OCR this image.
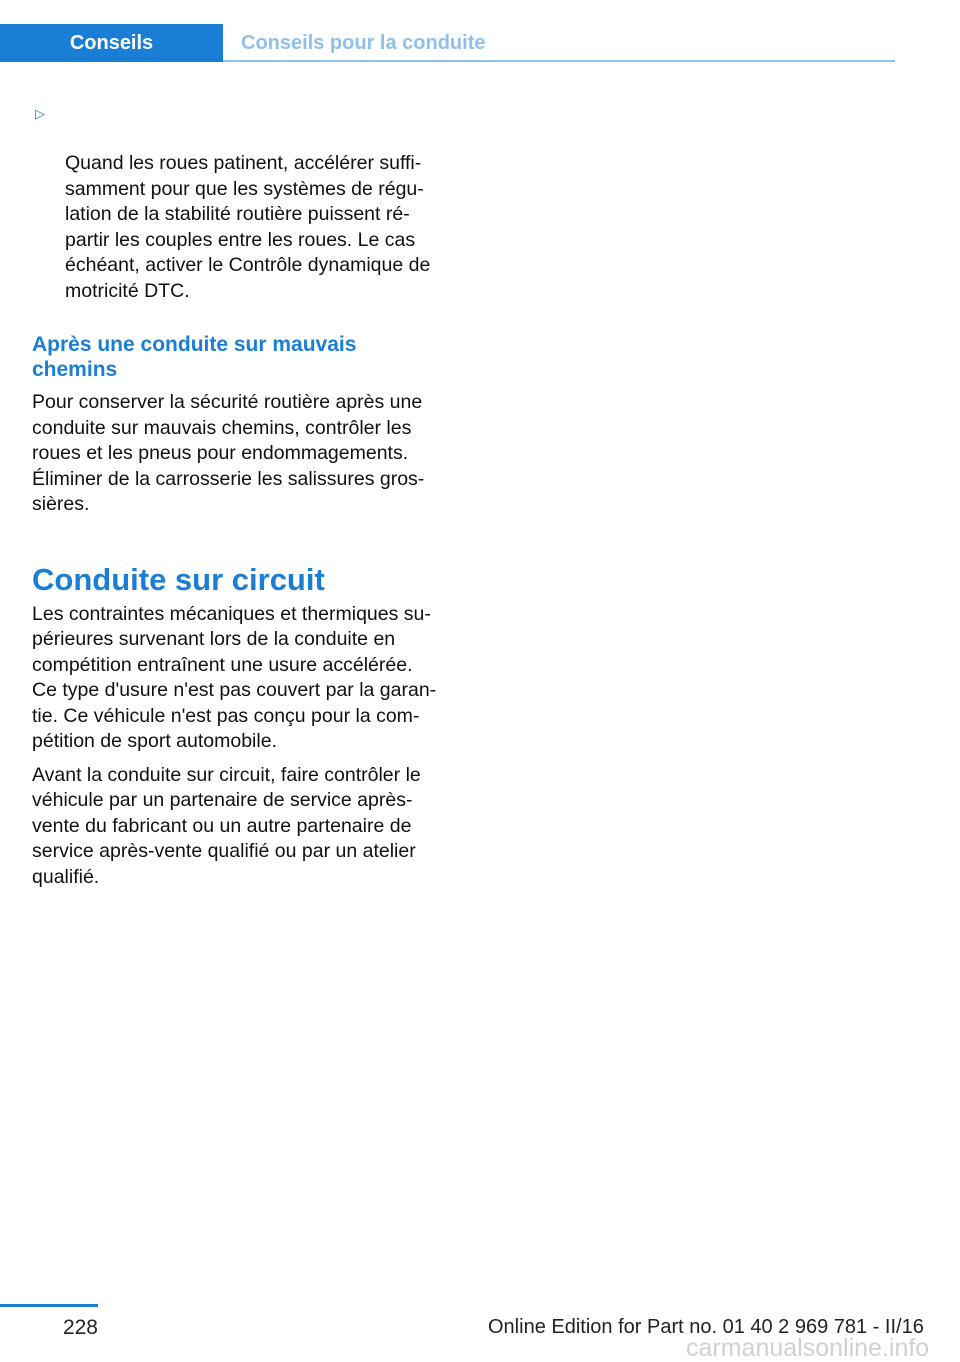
Conseils	Conseils pour la conduite

▷

Quand les roues patinent, accélérer suffi-
samment pour que les systèmes de régu-
lation de la stabilité routière puissent ré-
partir les couples entre les roues. Le cas
échéant, activer le Contrôle dynamique de
motricité DTC.

Après une conduite sur mauvais
chemins
Pour conserver la sécurité routière après une
conduite sur mauvais chemins, contrôler les
roues et les pneus pour endommagements.
Éliminer de la carrosserie les salissures gros-
sières.
Conduite sur circuit
Les contraintes mécaniques et thermiques su-
périeures survenant lors de la conduite en
compétition entraînent une usure accélérée.
Ce type d'usure n'est pas couvert par la garan-
tie. Ce véhicule n'est pas conçu pour la com-
pétition de sport automobile.
Avant la conduite sur circuit, faire contrôler le
véhicule par un partenaire de service après-
vente du fabricant ou un autre partenaire de
service après-vente qualifié ou par un atelier
qualifié.
228	Online Edition for Part no. 01 40 2 969 781 - II/16
carmanualsonline.info
